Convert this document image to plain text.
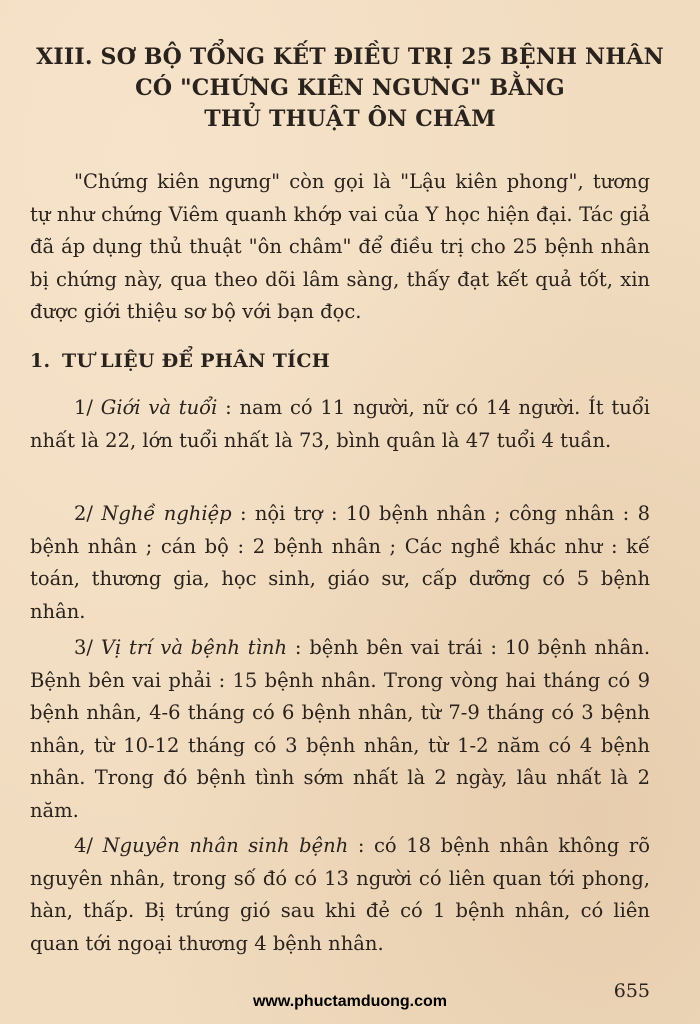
XIII. SƠ BỘ TỔNG KẾT ĐIỀU TRỊ 25 BỆNH NHÂN
CÓ "CHỨNG KIÊN NGƯNG" BẰNG
THỦ THUẬT ÔN CHÂM
"Chứng kiên ngưng" còn gọi là "Lậu kiên phong", tương tự như chứng Viêm quanh khớp vai của Y học hiện đại. Tác giả đã áp dụng thủ thuật "ôn châm" để điều trị cho 25 bệnh nhân bị chứng này, qua theo dõi lâm sàng, thấy đạt kết quả tốt, xin được giới thiệu sơ bộ với bạn đọc.
1. TƯ LIỆU ĐỂ PHÂN TÍCH
1/ Giới và tuổi : nam có 11 người, nữ có 14 người. Ít tuổi nhất là 22, lớn tuổi nhất là 73, bình quân là 47 tuổi 4 tuần.
2/ Nghề nghiệp : nội trợ : 10 bệnh nhân ; công nhân : 8 bệnh nhân ; cán bộ : 2 bệnh nhân ; Các nghề khác như : kế toán, thương gia, học sinh, giáo sư, cấp dưỡng có 5 bệnh nhân.
3/ Vị trí và bệnh tình : bệnh bên vai trái : 10 bệnh nhân. Bệnh bên vai phải : 15 bệnh nhân. Trong vòng hai tháng có 9 bệnh nhân, 4-6 tháng có 6 bệnh nhân, từ 7-9 tháng có 3 bệnh nhân, từ 10-12 tháng có 3 bệnh nhân, từ 1-2 năm có 4 bệnh nhân. Trong đó bệnh tình sớm nhất là 2 ngày, lâu nhất là 2 năm.
4/ Nguyên nhân sinh bệnh : có 18 bệnh nhân không rõ nguyên nhân, trong số đó có 13 người có liên quan tới phong, hàn, thấp. Bị trúng gió sau khi đẻ có 1 bệnh nhân, có liên quan tới ngoại thương 4 bệnh nhân.
655
www.phuctamduong.com
